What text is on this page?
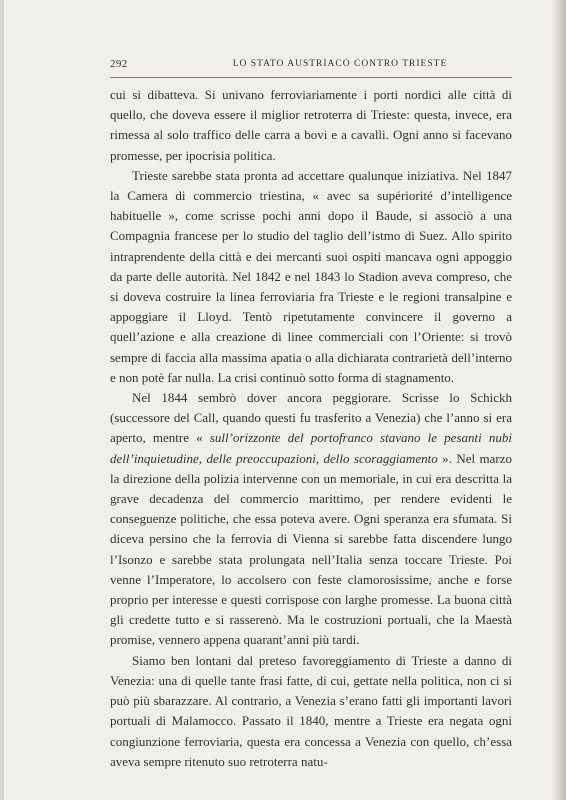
292	LO STATO AUSTRIACO CONTRO TRIESTE

cui si dibatteva. Si univano ferroviariamente i porti nordici alle città di quello, che doveva essere il miglior retroterra di Trieste: questa, invece, era rimessa al solo traffico delle carra a bovi e a cavalli. Ogni anno si facevano promesse, per ipocrisia politica.

Trieste sarebbe stata pronta ad accettare qualunque iniziativa. Nel 1847 la Camera di commercio triestina, « avec sa supériorité d’intelligence habituelle », come scrisse pochi anni dopo il Baude, si associò a una Compagnia francese per lo studio del taglio dell’istmo di Suez. Allo spirito intraprendente della città e dei mercanti suoi ospiti mancava ogni appoggio da parte delle autorità. Nel 1842 e nel 1843 lo Stadion aveva compreso, che si doveva costruire la linea ferroviaria fra Trieste e le regioni transalpine e appoggiare il Lloyd. Tentò ripetutamente convincere il governo a quell’azione e alla creazione di linee commerciali con l’Oriente: si trovò sempre di faccia alla massima apatia o alla dichiarata contrarietà dell’interno e non potè far nulla. La crisi continuò sotto forma di stagnamento.

Nel 1844 sembrò dover ancora peggiorare. Scrisse lo Schickh (successore del Call, quando questi fu trasferito a Venezia) che l’anno si era aperto, mentre « sull’orizzonte del portofranco stavano le pesanti nubi dell’inquietudine, delle preoccupazioni, dello scoraggiamento ». Nel marzo la direzione della polizia intervenne con un memoriale, in cui era descritta la grave decadenza del commercio marittimo, per rendere evidenti le conseguenze politiche, che essa poteva avere. Ogni speranza era sfumata. Si diceva persino che la ferrovia di Vienna si sarebbe fatta discendere lungo l’Isonzo e sarebbe stata prolungata nell’Italia senza toccare Trieste. Poi venne l’Imperatore, lo accolsero con feste clamorosissime, anche e forse proprio per interesse e questi corrispose con larghe promesse. La buona città gli credette tutto e si rasserenò. Ma le costruzioni portuali, che la Maestà promise, vennero appena quarant’anni più tardi.

Siamo ben lontani dal preteso favoreggiamento di Trieste a danno di Venezia: una di quelle tante frasi fatte, di cui, gettate nella politica, non ci si può più sbarazzare. Al contrario, a Venezia s’erano fatti gli importanti lavori portuali di Malamocco. Passato il 1840, mentre a Trieste era negata ogni congiunzione ferroviaria, questa era concessa a Venezia con quello, ch’essa aveva sempre ritenuto suo retroterra natu-
